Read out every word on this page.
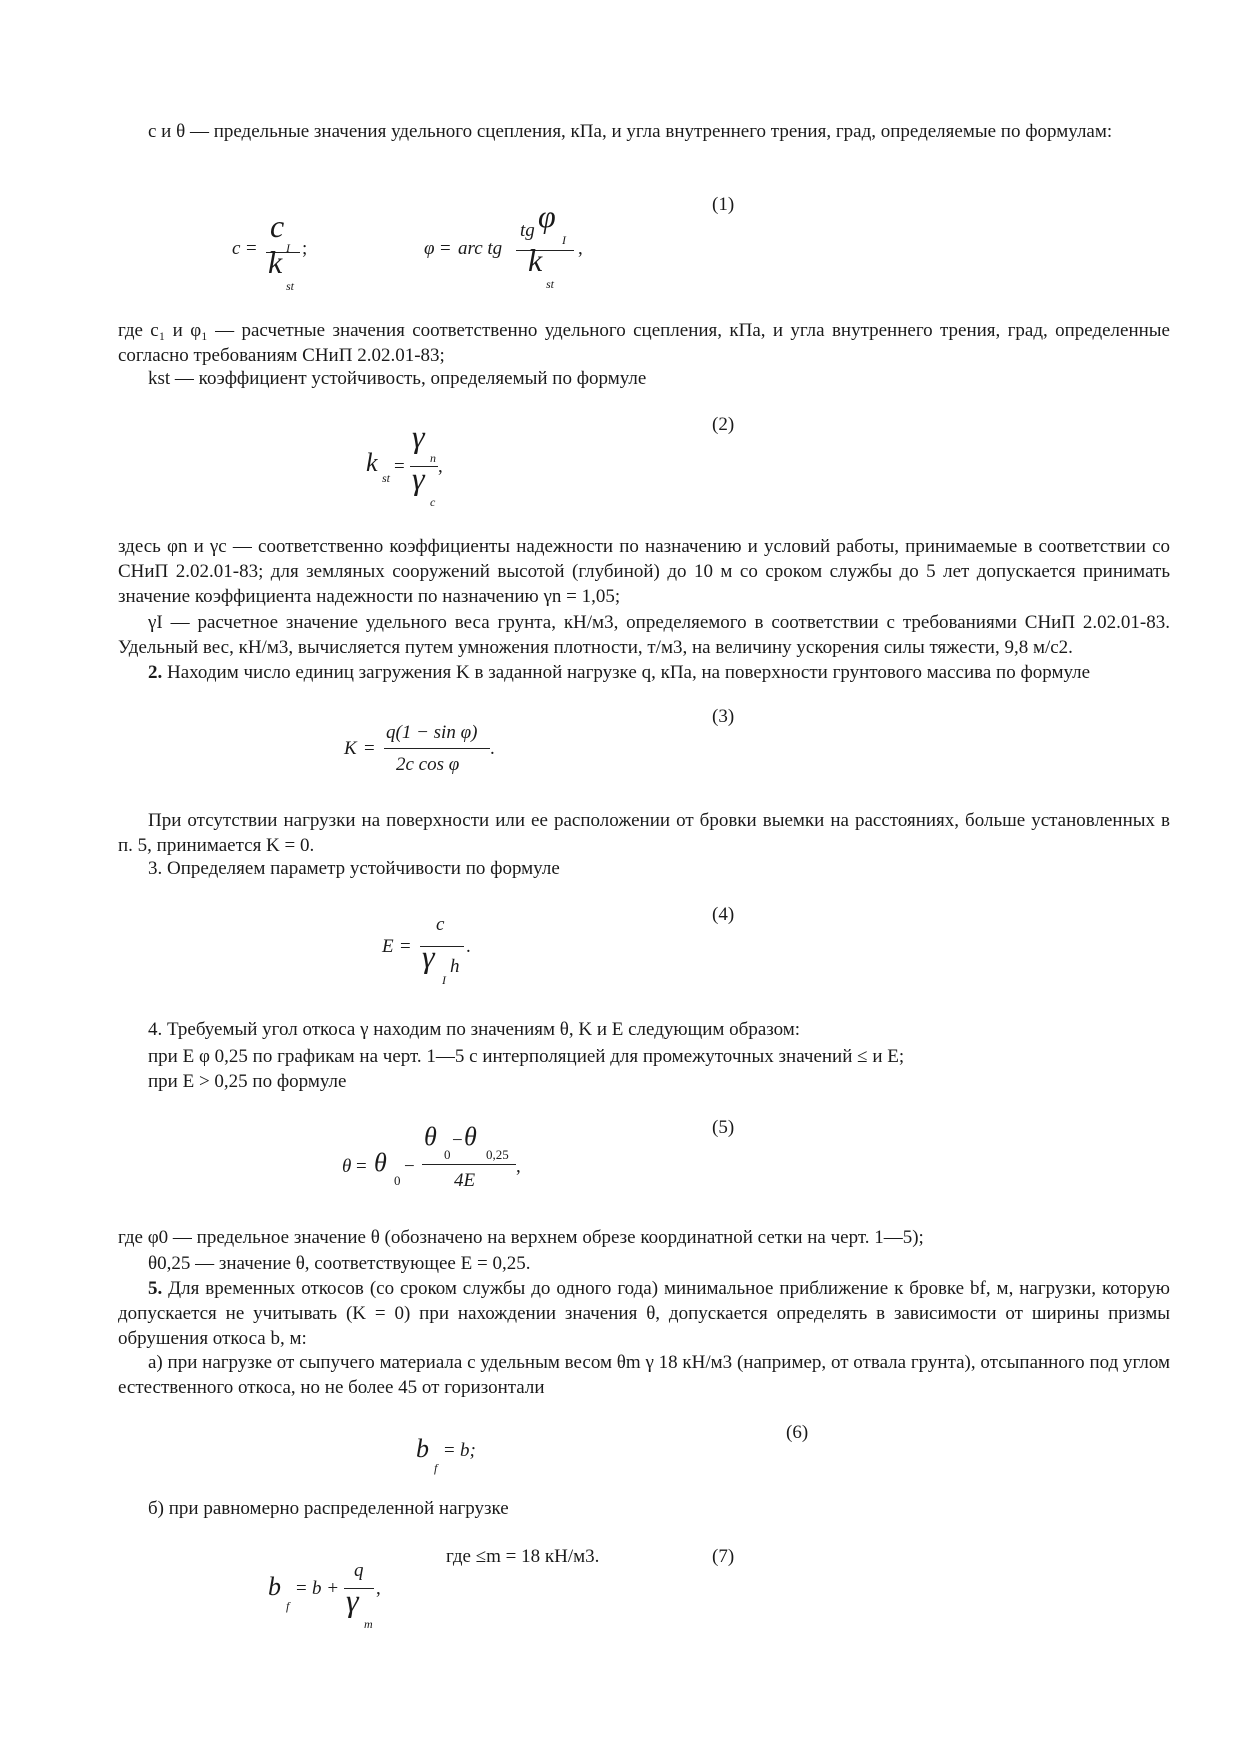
c и θ — предельные значения удельного сцепления, кПа, и угла внутреннего трения, град, определяемые по формулам:
(1)
c =
c
I
k
st
;	φ = arc tg
tg φ
I
k
st
,
где c₁ и φ₁ — расчетные значения соответственно удельного сцепления, кПа, и угла внутреннего трения, град, определенные согласно требованиям СНиП 2.02.01-83;
kst — коэффициент устойчивость, определяемый по формуле
(2)
k
st
=
γ
n
γ
c
,
здесь φn и γc — соответственно коэффициенты надежности по назначению и условий работы, принимаемые в соответствии со СНиП 2.02.01-83; для земляных сооружений высотой (глубиной) до 10 м со сроком службы до 5 лет допускается принимать значение коэффициента надежности по назначению γn = 1,05;
γI — расчетное значение удельного веса грунта, кН/м3, определяемого в соответствии с требованиями СНиП 2.02.01-83. Удельный вес, кН/м3, вычисляется путем умножения плотности, т/м3, на величину ускорения силы тяжести, 9,8 м/с2.
2. Находим число единиц загружения K в заданной нагрузке q, кПа, на поверхности грунтового массива по формуле
(3)
K =
q(1 − sin φ)
2c cos φ
.
При отсутствии нагрузки на поверхности или ее расположении от бровки выемки на расстояниях, больше установленных в п. 5, принимается K = 0.
3. Определяем параметр устойчивости по формуле
(4)
E =
c
γ
I
h
.
4. Требуемый угол откоса γ находим по значениям θ, K и E следующим образом:
при E φ 0,25 по графикам на черт. 1—5 с интерполяцией для промежуточных значений ≤ и E;
при E > 0,25 по формуле
(5)
θ = θ
0
−
θ
0
− θ
0,25
4E
,
где φ0 — предельное значение θ (обозначено на верхнем обрезе координатной сетки на черт. 1—5);
θ0,25 — значение θ, соответствующее E = 0,25.
5. Для временных откосов (со сроком службы до одного года) минимальное приближение к бровке bf, м, нагрузки, которую допускается не учитывать (K = 0) при нахождении значения θ, допускается определять в зависимости от ширины призмы обрушения откоса b, м:
а) при нагрузке от сыпучего материала с удельным весом θm γ 18 кН/м3 (например, от отвала грунта), отсыпанного под углом естественного откоса, но не более 45 от горизонтали
(6)
b
f
= b;
б) при равномерно распределенной нагрузке
где ≤m = 18 кН/м3.	(7)
b
f
= b +
q
γ
m
,
